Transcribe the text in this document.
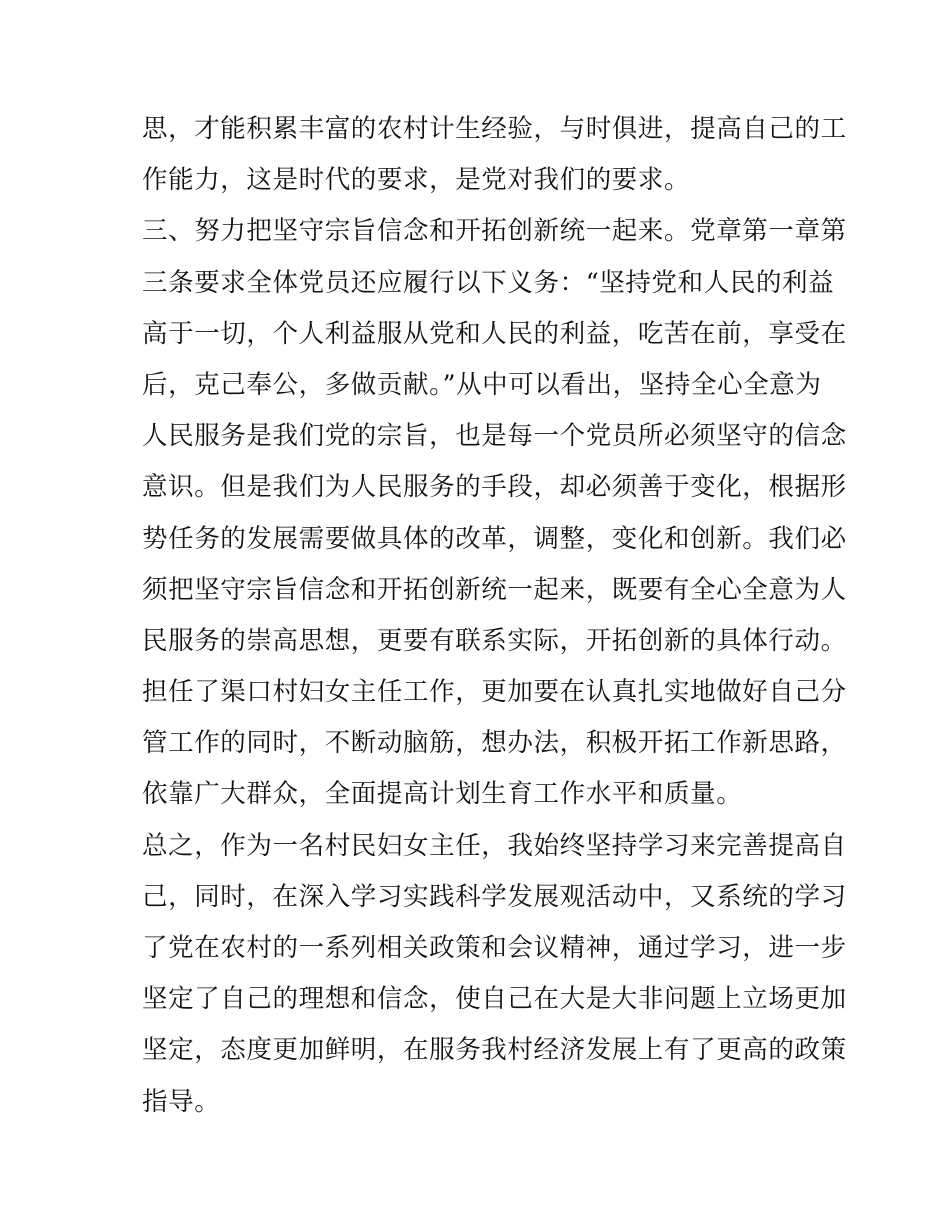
思，才能积累丰富的农村计生经验，与时俱进，提高自己的工
作能力，这是时代的要求，是党对我们的要求。
三、努力把坚守宗旨信念和开拓创新统一起来。党章第一章第
三条要求全体党员还应履行以下义务：“坚持党和人民的利益
高于一切，个人利益服从党和人民的利益，吃苦在前，享受在
后，克己奉公，多做贡献。”从中可以看出，坚持全心全意为
人民服务是我们党的宗旨，也是每一个党员所必须坚守的信念
意识。但是我们为人民服务的手段，却必须善于变化，根据形
势任务的发展需要做具体的改革，调整，变化和创新。我们必
须把坚守宗旨信念和开拓创新统一起来，既要有全心全意为人
民服务的崇高思想，更要有联系实际，开拓创新的具体行动。
担任了渠口村妇女主任工作，更加要在认真扎实地做好自己分
管工作的同时，不断动脑筋，想办法，积极开拓工作新思路，
依靠广大群众，全面提高计划生育工作水平和质量。
总之，作为一名村民妇女主任，我始终坚持学习来完善提高自
己，同时，在深入学习实践科学发展观活动中，又系统的学习
了党在农村的一系列相关政策和会议精神，通过学习，进一步
坚定了自己的理想和信念，使自己在大是大非问题上立场更加
坚定，态度更加鲜明，在服务我村经济发展上有了更高的政策
指导。
